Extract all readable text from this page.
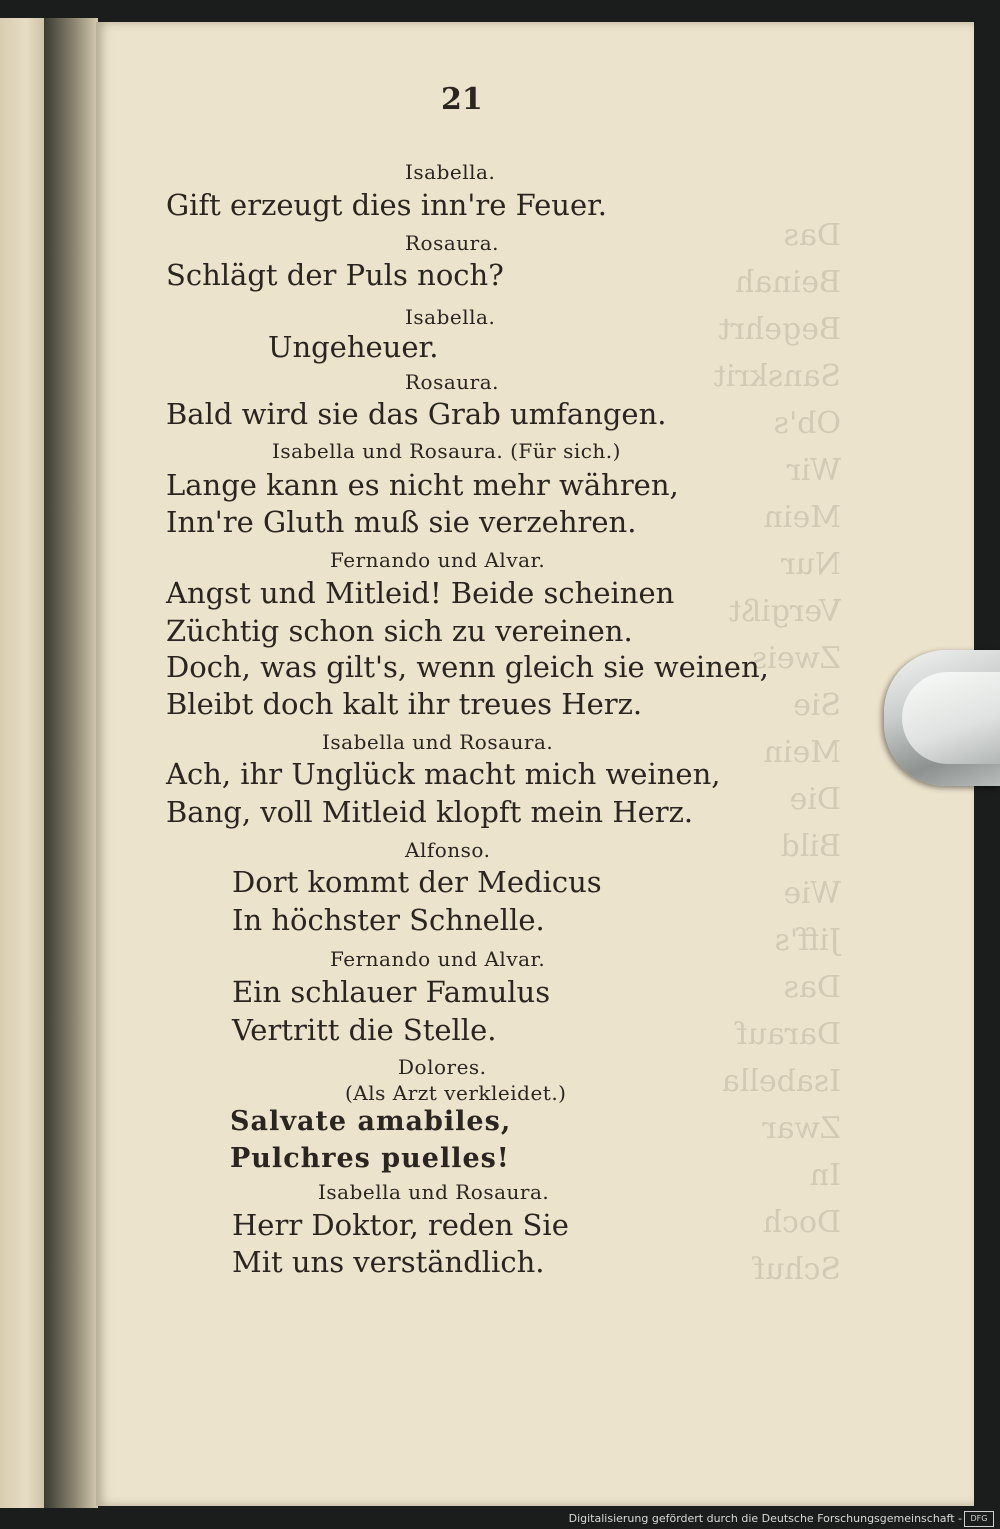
Das
Beinah
Begehrt
Sanskrit
Ob's
Wir
Mein
Nur
Vergißt
Zweis
Sie
Mein
Die
Bild
Wie
Jiff's
Das
Darauf
Isabella
Zwar
In
Doch
Schuf
21
Isabella.
Gift erzeugt dies inn're Feuer.
Rosaura.
Schlägt der Puls noch?
Isabella.
Ungeheuer.
Rosaura.
Bald wird sie das Grab umfangen.
Isabella und Rosaura. (Für sich.)
Lange kann es nicht mehr währen,
Inn're Gluth muß sie verzehren.
Fernando und Alvar.
Angst und Mitleid! Beide scheinen
Züchtig schon sich zu vereinen.
Doch, was gilt's, wenn gleich sie weinen,
Bleibt doch kalt ihr treues Herz.
Isabella und Rosaura.
Ach, ihr Unglück macht mich weinen,
Bang, voll Mitleid klopft mein Herz.
Alfonso.
Dort kommt der Medicus
In höchster Schnelle.
Fernando und Alvar.
Ein schlauer Famulus
Vertritt die Stelle.
Dolores.
(Als Arzt verkleidet.)
Salvate amabiles,
Pulchres puelles!
Isabella und Rosaura.
Herr Doktor, reden Sie
Mit uns verständlich.
Digitalisierung gefördert durch die Deutsche Forschungsgemeinschaft -	DFG
